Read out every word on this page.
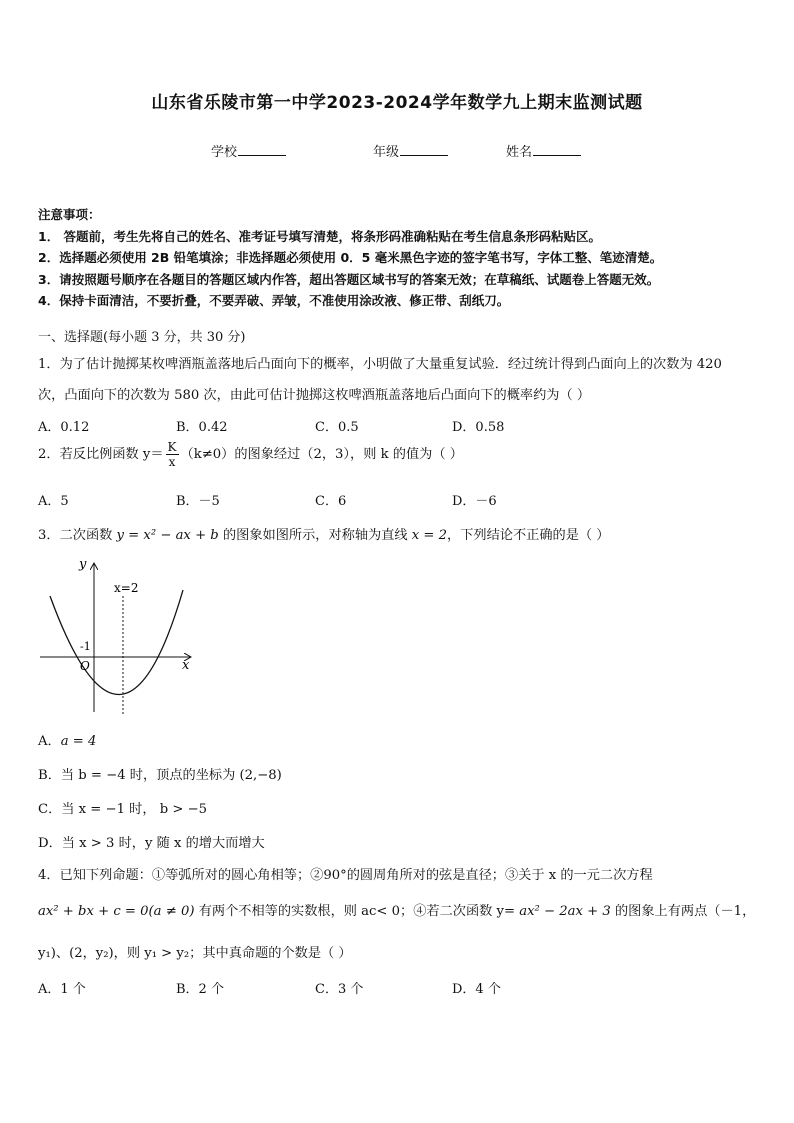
山东省乐陵市第一中学2023-2024学年数学九上期末监测试题
学校	年级	姓名
注意事项：
1． 答题前，考生先将自己的姓名、准考证号填写清楚，将条形码准确粘贴在考生信息条形码粘贴区。
2．选择题必须使用 2B 铅笔填涂；非选择题必须使用 0．5 毫米黑色字迹的签字笔书写，字体工整、笔迹清楚。
3．请按照题号顺序在各题目的答题区域内作答，超出答题区域书写的答案无效；在草稿纸、试题卷上答题无效。
4．保持卡面清洁，不要折叠，不要弄破、弄皱，不准使用涂改液、修正带、刮纸刀。
一、选择题(每小题 3 分，共 30 分)
1．为了估计抛掷某枚啤酒瓶盖落地后凸面向下的概率，小明做了大量重复试验．经过统计得到凸面向上的次数为 420
次，凸面向下的次数为 580 次，由此可估计抛掷这枚啤酒瓶盖落地后凸面向下的概率约为（ ）
A．0.12	B．0.42	C．0.5	D．0.58
2．若反比例函数 $y= \frac{K}{x} (k\ne 0)$的图象经过（2，3），则 k 的值为（ ）
A．5	B．－5	C．6	D．－6
3．二次函数 y = x² − ax + b 的图象如图所示，对称轴为直线 x = 2，下列结论不正确的是（ ）
y
x
O
-1
x=2
A．a = 4
B．当 b = −4 时，顶点的坐标为 (2,−8)
C．当 x = −1 时， b > −5
D．当 x > 3 时，y 随 x 的增大而增大
4．已知下列命题：①等弧所对的圆心角相等；②90°的圆周角所对的弦是直径；③关于 x 的一元二次方程
ax² + bx + c = 0(a ≠ 0) 有两个不相等的实数根，则 ac< 0；④若二次函数 y= ax² − 2ax + 3 的图象上有两点（－1，
y₁)、(2，y₂)，则 y₁ > y₂；其中真命题的个数是（ ）
A．1 个	B．2 个	C．3 个	D．4 个
